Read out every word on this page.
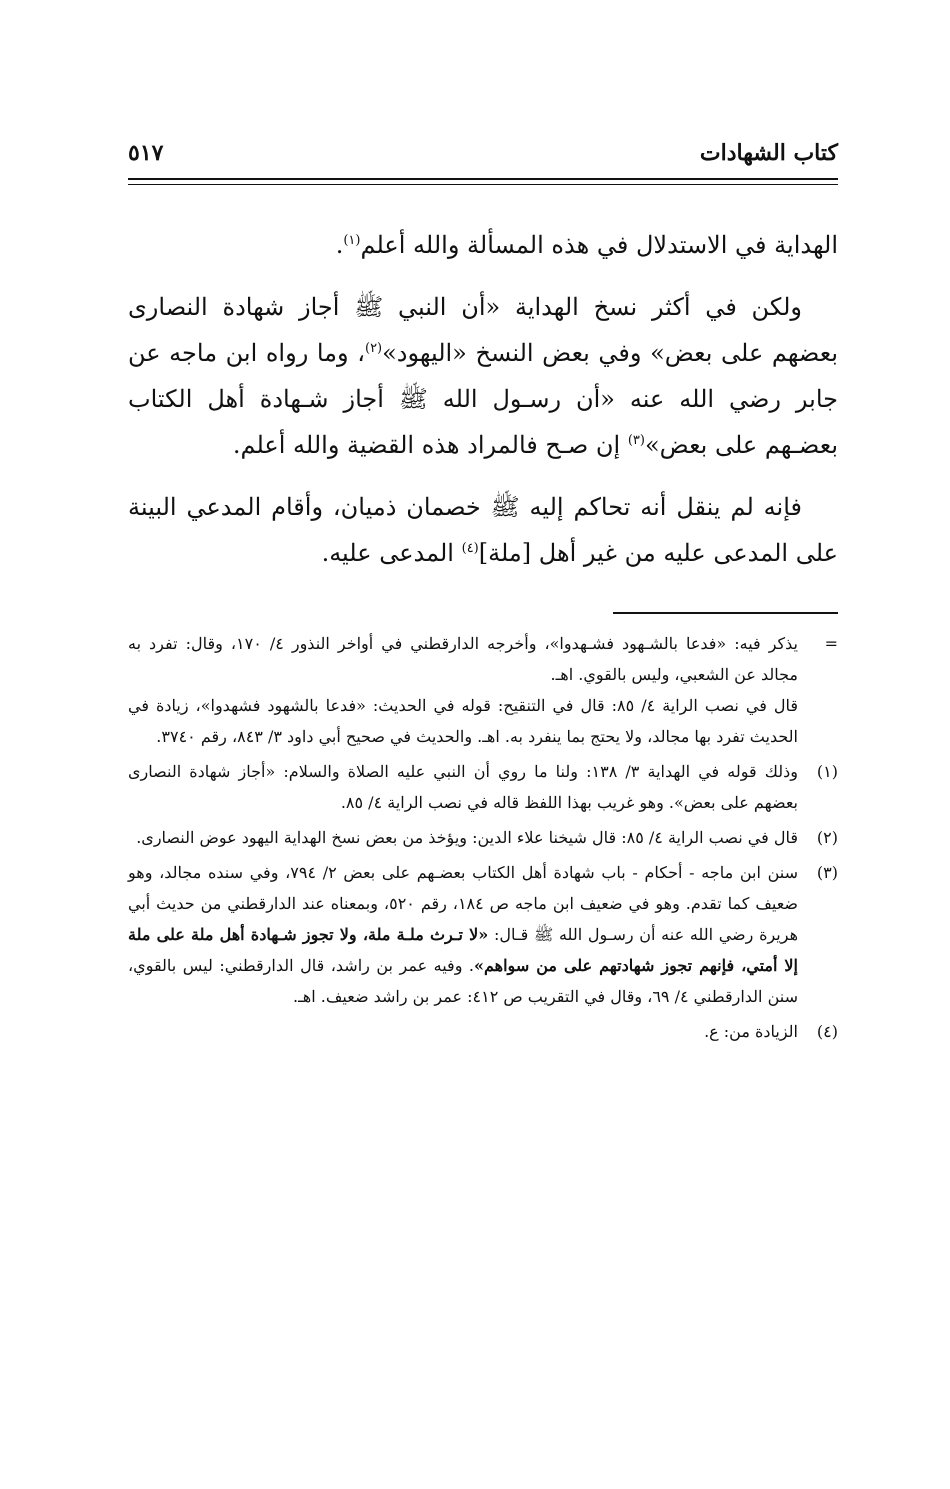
كتاب الشهادات
٥١٧

الهداية في الاستدلال في هذه المسألة والله أعلم$^{(١)}$.

ولكن في أكثر نسخ الهداية «أن النبي ﷺ أجاز شهادة النصارى بعضهم على بعض» وفي بعض النسخ «اليهود»$^{(٢)}$، وما رواه ابن ماجه عن جابر رضي الله عنه «أن رسـول الله ﷺ أجاز شـهادة أهل الكتاب بعضـهم على بعض»$^{(٣)}$ إن صـح فالمراد هذه القضية والله أعلم.

فإنه لم ينقل أنه تحاكم إليه ﷺ خصمان ذميان، وأقام المدعي البينة على المدعى عليه من غير أهل [ملة]$^{(٤)}$ المدعى عليه.

=

يذكر فيه: «فدعا بالشـهود فشـهدوا»، وأخرجه الدارقطني في أواخر النذور ٤/ ١٧٠، وقال: تفرد به مجالد عن الشعبي، وليس بالقوي. اهـ.

قال في نصب الراية ٤/ ٨٥: قال في التنقيح: قوله في الحديث: «فدعا بالشهود فشهدوا»، زيادة في الحديث تفرد بها مجالد، ولا يحتج بما ينفرد به. اهـ. والحديث في صحيح أبي داود ٣/ ٨٤٣، رقم ٣٧٤٠.

(١)

وذلك قوله في الهداية ٣/ ١٣٨: ولنا ما روي أن النبي عليه الصلاة والسلام: «أجاز شهادة النصارى بعضهم على بعض». وهو غريب بهذا اللفظ قاله في نصب الراية ٤/ ٨٥.

(٢)

قال في نصب الراية ٤/ ٨٥: قال شيخنا علاء الدين: ويؤخذ من بعض نسخ الهداية اليهود عوض النصارى.

(٣)

سنن ابن ماجه - أحكام - باب شهادة أهل الكتاب بعضـهم على بعض ٢/ ٧٩٤، وفي سنده مجالد، وهو ضعيف كما تقدم. وهو في ضعيف ابن ماجه ص ١٨٤، رقم ٥٢٠، وبمعناه عند الدارقطني من حديث أبي هريرة رضي الله عنه أن رسـول الله ﷺ قـال: «لا تـرث ملـة ملة، ولا تجوز شـهادة أهل ملة على ملة إلا أمتي، فإنهم تجوز شهادتهم على من سواهم». وفيه عمر بن راشد، قال الدارقطني: ليس بالقوي، سنن الدارقطني ٤/ ٦٩، وقال في التقريب ص ٤١٢: عمر بن راشد ضعيف. اهـ.

(٤)

الزيادة من: ع.
